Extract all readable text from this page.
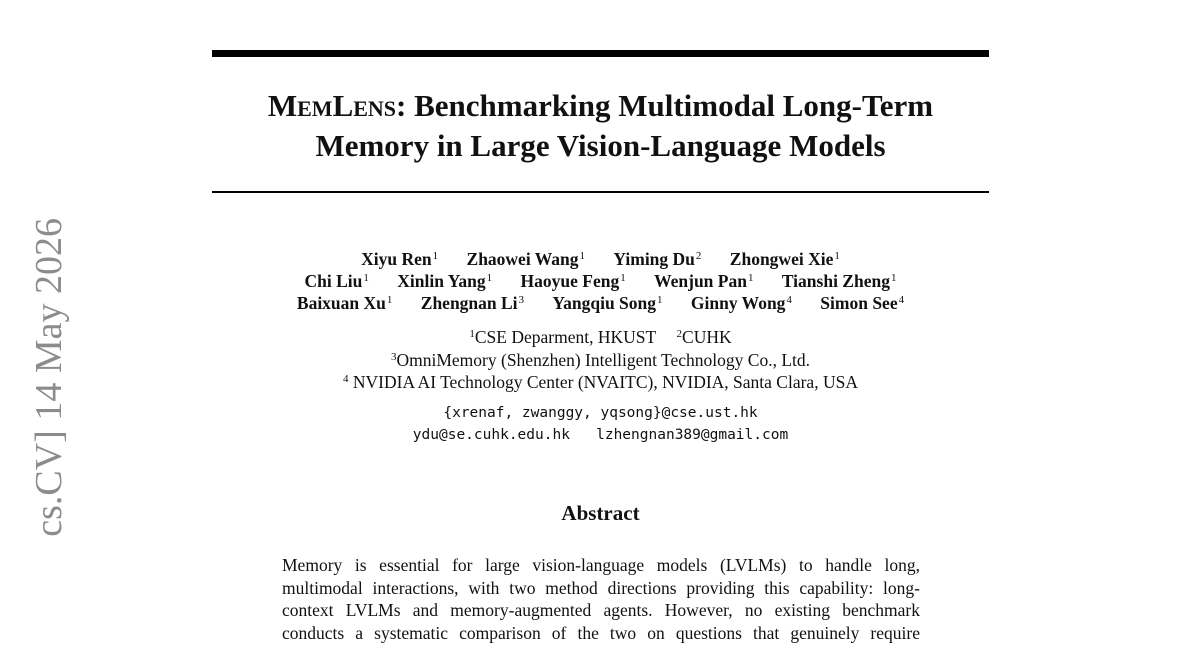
cs.CV] 14 May 2026
MemLens: Benchmarking Multimodal Long-Term
Memory in Large Vision-Language Models
Xiyu Ren$^1$ Zhaowei Wang$^1$ Yiming Du$^2$ Zhongwei Xie$^1$
Chi Liu$^1$ Xinlin Yang$^1$ Haoyue Feng$^1$ Wenjun Pan$^1$ Tianshi Zheng$^1$
Baixuan Xu$^1$ Zhengnan Li$^3$ Yangqiu Song$^1$ Ginny Wong$^4$ Simon See$^4$
$^1$CSE Deparment, HKUST $^2$CUHK
$^3$OmniMemory (Shenzhen) Intelligent Technology Co., Ltd.
$^4$ NVIDIA AI Technology Center (NVAITC), NVIDIA, Santa Clara, USA
{xrenaf, zwanggy, yqsong}@cse.ust.hk
ydu@se.cuhk.edu.hk   lzhengnan389@gmail.com
Abstract
Memory is essential for large vision-language models (LVLMs) to handle long,
multimodal interactions, with two method directions providing this capability: long-
context LVLMs and memory-augmented agents. However, no existing benchmark
conducts a systematic comparison of the two on questions that genuinely require
